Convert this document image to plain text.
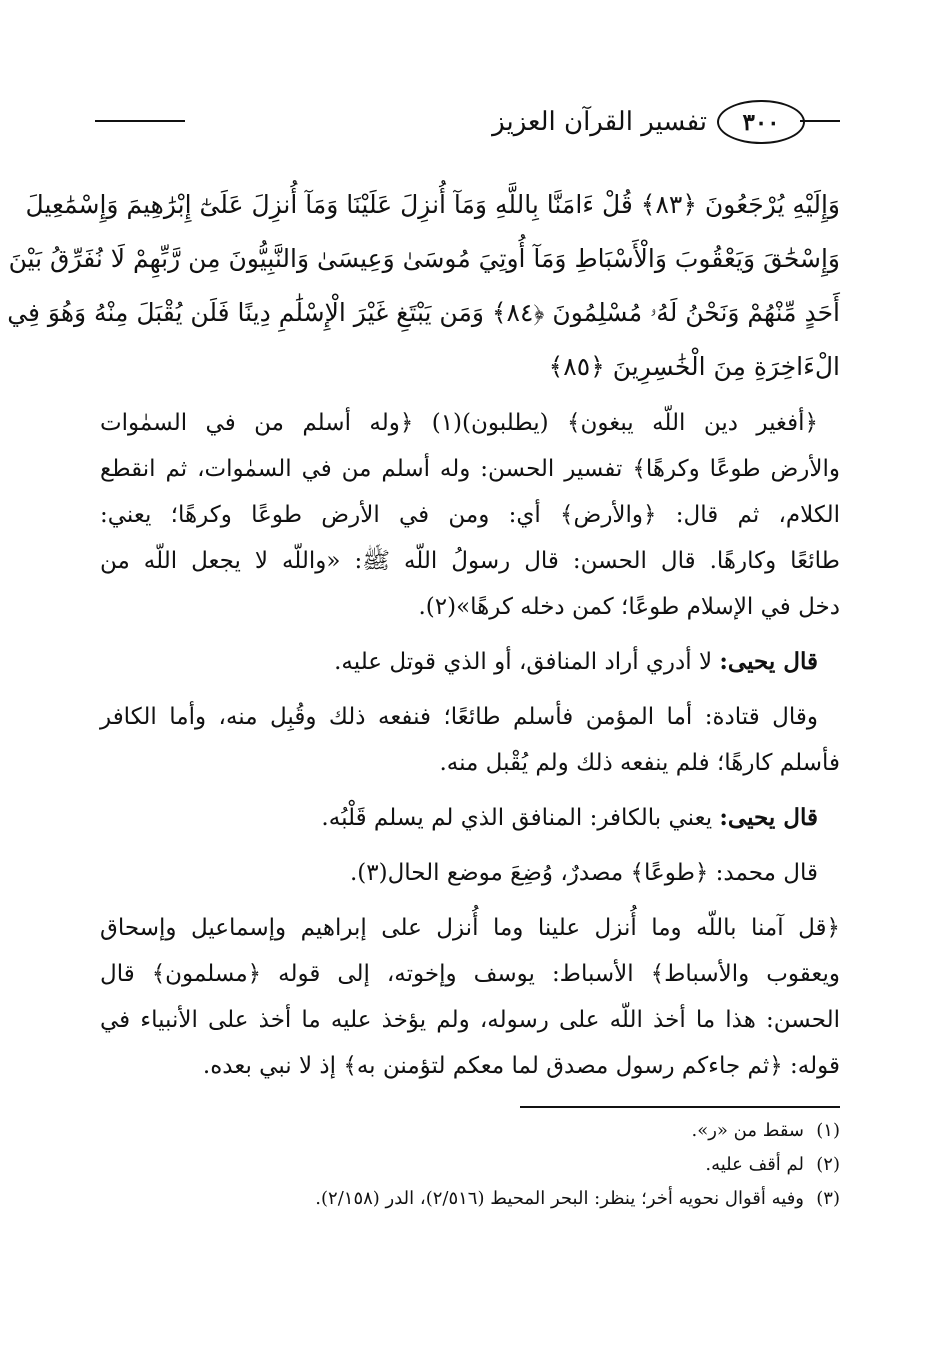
تفسير القرآن العزيز	٣٠٠
وَإِلَيْهِ يُرْجَعُونَ ﴿٨٣﴾ قُلْ ءَامَنَّا بِاللَّهِ وَمَآ أُنزِلَ عَلَيْنَا وَمَآ أُنزِلَ عَلَىٰٓ إِبْرَٰهِيمَ وَإِسْمَٰعِيلَ
وَإِسْحَٰقَ وَيَعْقُوبَ وَالْأَسْبَاطِ وَمَآ أُوتِيَ مُوسَىٰ وَعِيسَىٰ وَالنَّبِيُّونَ مِن رَّبِّهِمْ لَا نُفَرِّقُ بَيْنَ
أَحَدٍ مِّنْهُمْ وَنَحْنُ لَهُۥ مُسْلِمُونَ ﴿٨٤﴾ وَمَن يَبْتَغِ غَيْرَ الْإِسْلَٰمِ دِينًا فَلَن يُقْبَلَ مِنْهُ وَهُوَ فِي
الْءَاخِرَةِ مِنَ الْخَٰسِرِينَ ﴿٨٥﴾
﴿أفغير دين اللّه يبغون﴾ (يطلبون)(١) ﴿وله أسلم من في السمٰوات
والأرض طوعًا وكرهًا﴾ تفسير الحسن: وله أسلم من في السمٰوات، ثم انقطع
الكلام، ثم قال: ﴿والأرض﴾ أي: ومن في الأرض طوعًا وكرهًا؛ يعني:
طائعًا وكارهًا. قال الحسن: قال رسولُ اللّه ﷺ: «واللّه لا يجعل اللّه من
دخل في الإسلام طوعًا؛ كمن دخله كرهًا»(٢).
قال يحيى: لا أدري أراد المنافق، أو الذي قوتل عليه.
وقال قتادة: أما المؤمن فأسلم طائعًا؛ فنفعه ذلك وقُبِل منه، وأما الكافر
فأسلم كارهًا؛ فلم ينفعه ذلك ولم يُقْبل منه.
قال يحيى: يعني بالكافر: المنافق الذي لم يسلم قَلْبُه.
قال محمد: ﴿طوعًا﴾ مصدرٌ، وُضِعَ موضع الحال(٣).
﴿قل آمنا باللّه وما أُنزل علينا وما أُنزل على إبراهيم وإسماعيل وإسحاق
ويعقوب والأسباط﴾ الأسباط: يوسف وإخوته، إلى قوله ﴿مسلمون﴾ قال
الحسن: هذا ما أخذ اللّه على رسوله، ولم يؤخذ عليه ما أخذ على الأنبياء في
قوله: ﴿ثم جاءكم رسول مصدق لما معكم لتؤمنن به﴾ إذ لا نبي بعده.
(١)سقط من «ر».
(٢)لم أقف عليه.
(٣)وفيه أقوال نحويه أخر؛ ينظر: البحر المحيط (٢/٥١٦)، الدر (٢/١٥٨).
